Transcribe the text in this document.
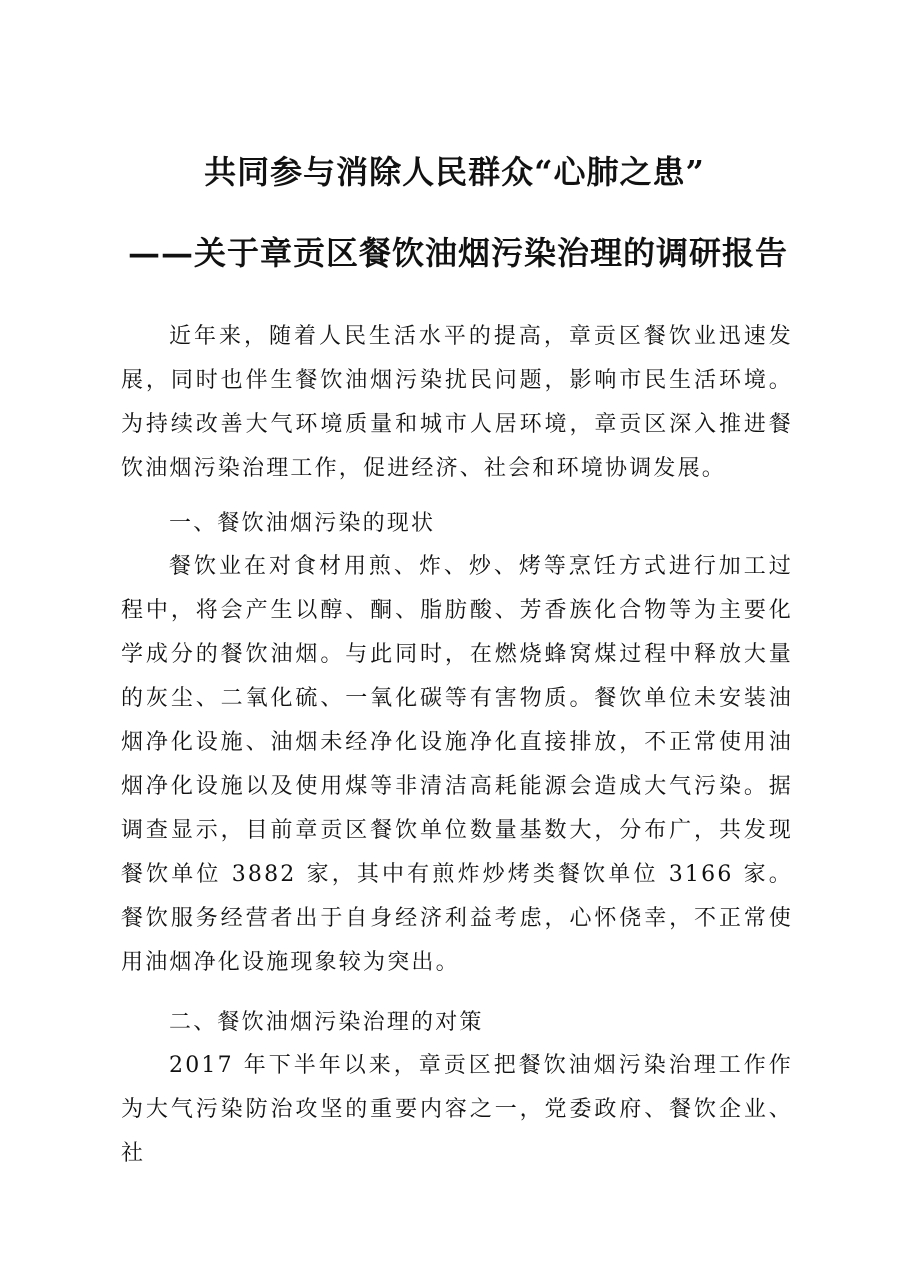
共同参与消除人民群众“心肺之患”
——关于章贡区餐饮油烟污染治理的调研报告

近年来，随着人民生活水平的提高，章贡区餐饮业迅速发展，同时也伴生餐饮油烟污染扰民问题，影响市民生活环境。为持续改善大气环境质量和城市人居环境，章贡区深入推进餐饮油烟污染治理工作，促进经济、社会和环境协调发展。

一、餐饮油烟污染的现状

餐饮业在对食材用煎、炸、炒、烤等烹饪方式进行加工过程中，将会产生以醇、酮、脂肪酸、芳香族化合物等为主要化学成分的餐饮油烟。与此同时，在燃烧蜂窝煤过程中释放大量的灰尘、二氧化硫、一氧化碳等有害物质。餐饮单位未安装油烟净化设施、油烟未经净化设施净化直接排放，不正常使用油烟净化设施以及使用煤等非清洁高耗能源会造成大气污染。据调查显示，目前章贡区餐饮单位数量基数大，分布广，共发现餐饮单位 3882 家，其中有煎炸炒烤类餐饮单位 3166 家。餐饮服务经营者出于自身经济利益考虑，心怀侥幸，不正常使用油烟净化设施现象较为突出。

二、餐饮油烟污染治理的对策

2017 年下半年以来，章贡区把餐饮油烟污染治理工作作为大气污染防治攻坚的重要内容之一，党委政府、餐饮企业、社
